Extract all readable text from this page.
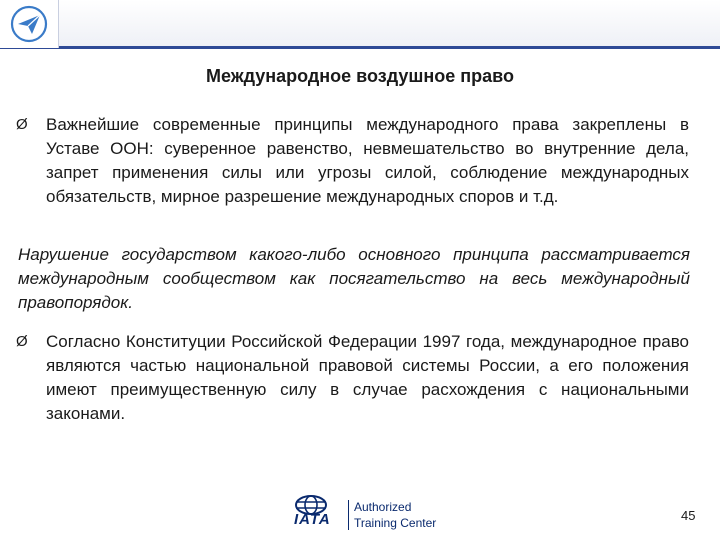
Международное воздушное право
Ø Важнейшие современные принципы международного права закреплены в Уставе ООН: суверенное равенство, невмешательство во внутренние дела, запрет применения силы или угрозы силой, соблюдение международных обязательств, мирное разрешение международных споров и т.д.
Нарушение государством какого-либо основного принципа рассматривается международным сообществом как посягательство на весь международный правопорядок.
Ø Согласно Конституции Российской Федерации 1997 года, международное право являются частью национальной правовой системы России, а его положения имеют преимущественную силу в случае расхождения с национальными законами.
IATA
Authorized
Training Center	45
